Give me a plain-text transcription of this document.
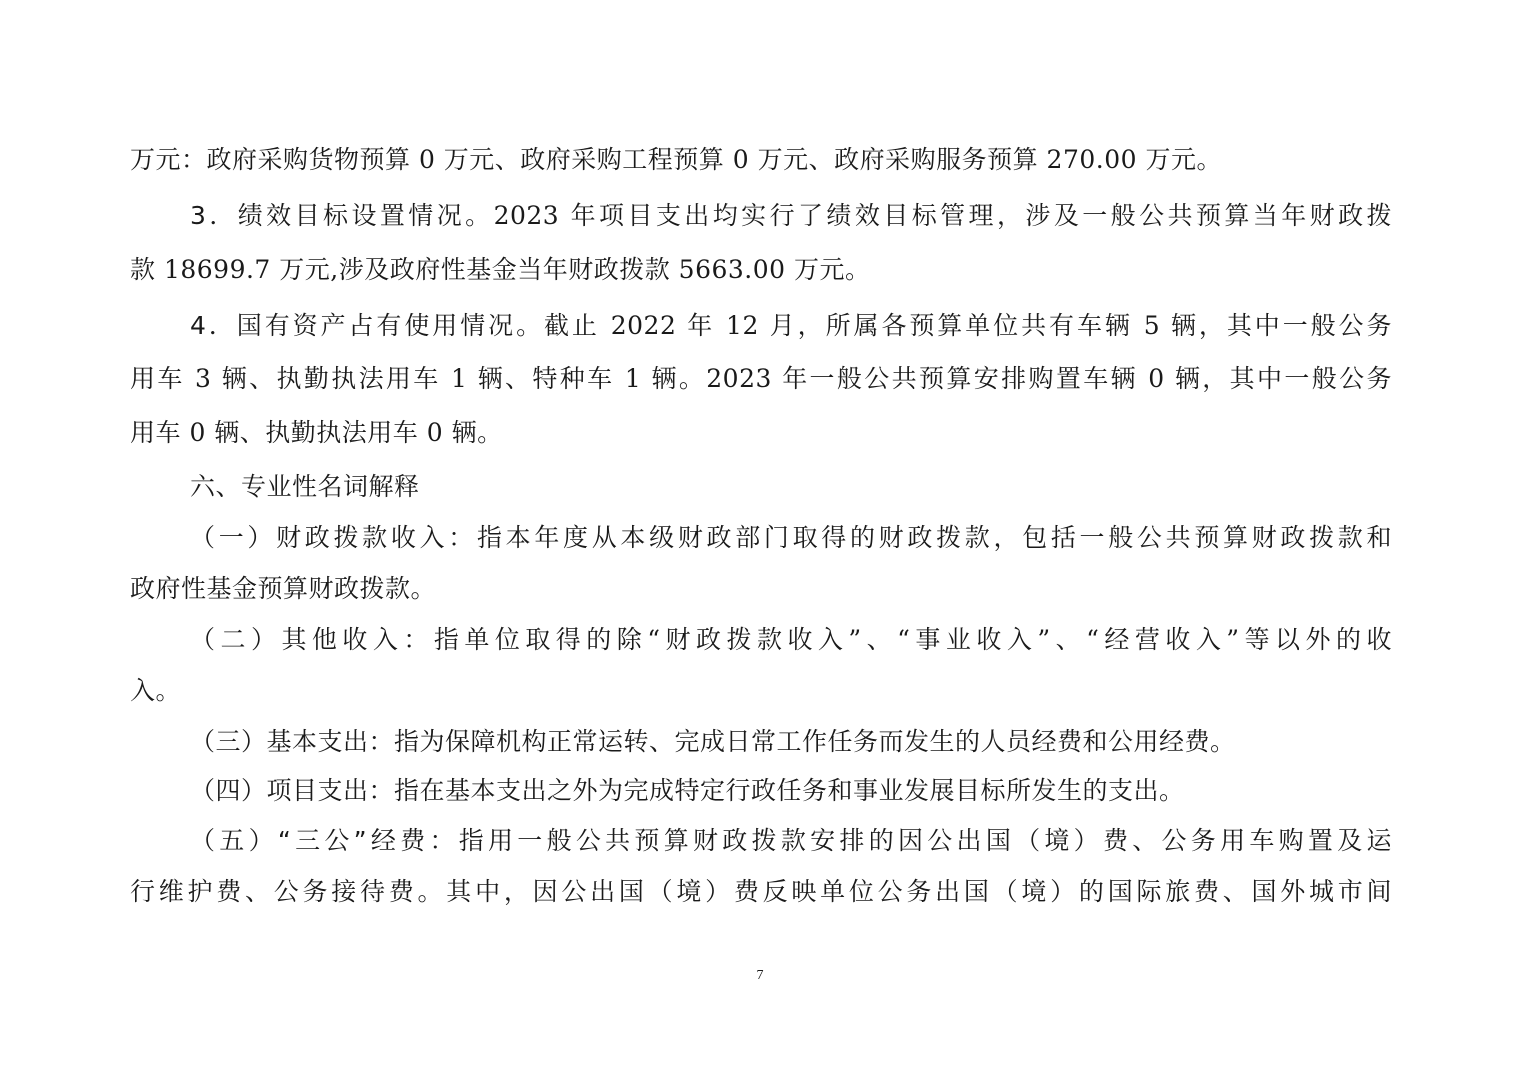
万元：政府采购货物预算 0 万元、政府采购工程预算 0 万元、政府采购服务预算 270.00 万元。
3．绩效目标设置情况。2023 年项目支出均实行了绩效目标管理，涉及一般公共预算当年财政拨
款 18699.7 万元,涉及政府性基金当年财政拨款 5663.00 万元。
4．国有资产占有使用情况。截止 2022 年 12 月，所属各预算单位共有车辆 5 辆，其中一般公务
用车 3 辆、执勤执法用车 1 辆、特种车 1 辆。2023 年一般公共预算安排购置车辆 0 辆，其中一般公务
用车 0 辆、执勤执法用车 0 辆。
六、专业性名词解释
（一）财政拨款收入：指本年度从本级财政部门取得的财政拨款，包括一般公共预算财政拨款和
政府性基金预算财政拨款。
（二）其他收入：指单位取得的除“财政拨款收入”、“事业收入”、“经营收入”等以外的收
入。
（三）基本支出：指为保障机构正常运转、完成日常工作任务而发生的人员经费和公用经费。
（四）项目支出：指在基本支出之外为完成特定行政任务和事业发展目标所发生的支出。
（五）“三公”经费：指用一般公共预算财政拨款安排的因公出国（境）费、公务用车购置及运
行维护费、公务接待费。其中，因公出国（境）费反映单位公务出国（境）的国际旅费、国外城市间
7
